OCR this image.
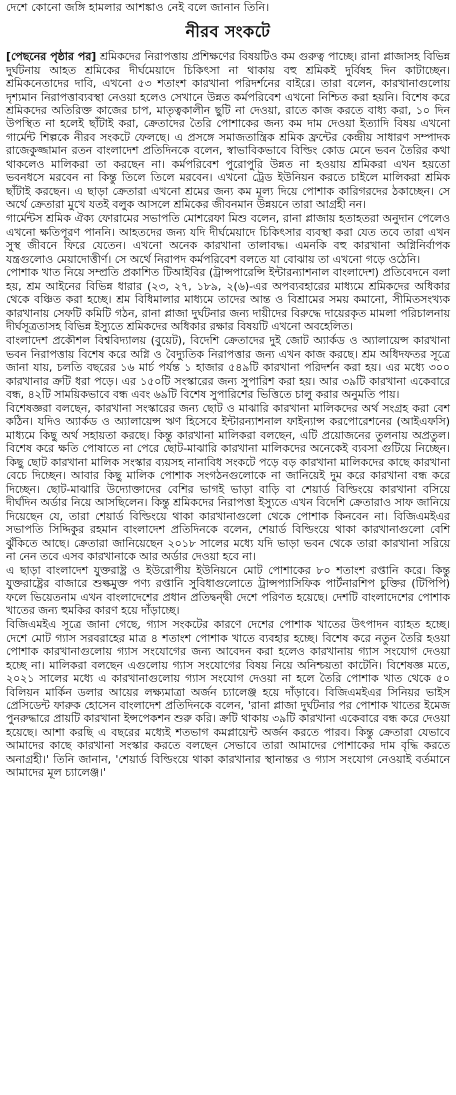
দেশে কোনো জঙ্গি হামলার আশঙ্কাও নেই বলে জানান তিনি।

নীরব সংকটে

[পেছনের পৃষ্ঠার পর] শ্রমিকদের নিরাপত্তায় প্রশিক্ষণের বিষয়টিও কম গুরুত্ব পাচ্ছে। রানা প্লাজাসহ বিভিন্ন দুর্ঘটনায় আহত শ্রমিকের দীর্ঘমেয়াদে চিকিৎসা না থাকায় বহু শ্রমিকই দুর্বিষহ দিন কাটাচ্ছেন। শ্রমিকনেতাদের দাবি, এখনো ৫৩ শতাংশ কারখানা পরিদর্শনের বাইরে। তারা বলেন, কারখানাগুলোয় দৃশ্যমান নিরাপত্তাব্যবস্থা নেওয়া হলেও সেখানে উন্নত কর্মপরিবেশ এখনো নিশ্চিত করা হয়নি। বিশেষ করে শ্রমিকদের অতিরিক্ত কাজের চাপ, মাতৃত্বকালীন ছুটি না দেওয়া, রাতে কাজ করতে বাধ্য করা, ১০ দিন উপস্থিত না হলেই ছাঁটাই করা, ক্রেতাদের তৈরি পোশাকের জন্য কম দাম দেওয়া ইত্যাদি বিষয় এখনো গার্মেন্ট শিল্পকে নীরব সংকটে ফেলছে। এ প্রসঙ্গে সমাজতান্ত্রিক শ্রমিক ফ্রন্টের কেন্দ্রীয় সাধারণ সম্পাদক রাজেকুজ্জামান রতন বাংলাদেশ প্রতিদিনকে বলেন, স্বাভাবিকভাবে বিল্ডিং কোড মেনে ভবন তৈরির কথা থাকলেও মালিকরা তা করছেন না। কর্মপরিবেশ পুরোপুরি উন্নত না হওয়ায় শ্রমিকরা এখন হয়তো ভবনধসে মরবেন না কিন্তু তিলে তিলে মরবেন। এখনো ট্রেড ইউনিয়ন করতে চাইলে মালিকরা শ্রমিক ছাঁটাই করছেন। এ ছাড়া ক্রেতারা এখনো শ্রমের জন্য কম মূল্য দিয়ে পোশাক কারিগরদের ঠকাচ্ছেন। সে অর্থে ক্রেতারা মুখে যতই বলুক আসলে শ্রমিকের জীবনমান উন্নয়নে তারা আগ্রহী নন।

গার্মেন্টস শ্রমিক ঐক্য ফোরামের সভাপতি মোশরেফা মিশু বলেন, রানা প্লাজায় হতাহতরা অনুদান পেলেও এখনো ক্ষতিপূরণ পাননি। আহতদের জন্য যদি দীর্ঘমেয়াদে চিকিৎসার ব্যবস্থা করা যেত তবে তারা এখন সুস্থ জীবনে ফিরে যেতেন। এখনো অনেক কারখানা তালাবদ্ধ। এমনকি বহু কারখানা অগ্নিনির্বাপক যন্ত্রগুলোও মেয়াদোত্তীর্ণ। সে অর্থে নিরাপদ কর্মপরিবেশ বলতে যা বোঝায় তা এখনো গড়ে ওঠেনি।

পোশাক খাত নিয়ে সম্প্রতি প্রকাশিত টিআইবির (ট্রান্সপারেন্সি ইন্টারন্যাশনাল বাংলাদেশ) প্রতিবেদনে বলা হয়, শ্রম আইনের বিভিন্ন ধারার (২৩, ২৭, ১৮৯, ২(৬)-এর অপব্যবহারের মাধ্যমে শ্রমিকদের অধিকার থেকে বঞ্চিত করা হচ্ছে। শ্রম বিধিমালার মাধ্যমে তাদের আন্ত ও বিশ্রামের সময় কমানো, সীমিতসংখ্যক কারখানায় সেফটি কমিটি গঠন, রানা প্লাজা দুর্ঘটনার জন্য দায়ীদের বিরুদ্ধে দায়েরকৃত মামলা পরিচালনায় দীর্ঘসূত্রতাসহ বিভিন্ন ইস্যুতে শ্রমিকদের অধিকার রক্ষার বিষয়টি এখনো অবহেলিত।

বাংলাদেশ প্রকৌশল বিশ্ববিদ্যালয় (বুয়েট), বিদেশি ক্রেতাদের দুই জোট অ্যার্কড ও অ্যালায়েন্স কারখানা ভবন নিরাপত্তায় বিশেষ করে অগ্নি ও বৈদ্যুতিক নিরাপত্তার জন্য এখন কাজ করছে। শ্রম অধিদফতর সূত্রে জানা যায়, চলতি বছরের ১৬ মার্চ পর্যন্ত ১ হাজার ৫৪৯টি কারখানা পরিদর্শন করা হয়। এর মধ্যে ৩০০ কারখানার ক্রটি ধরা পড়ে। এর ১৫০টি সংস্কারের জন্য সুপারিশ করা হয়। আর ৩৯টি কারখানা একেবারে বন্ধ, ৪২টি সাময়িকভাবে বন্ধ এবং ৬৯টি বিশেষ সুপারিশের ভিত্তিতে চালু করার অনুমতি পায়।

বিশেষজ্ঞরা বলছেন, কারখানা সংস্কারের জন্য ছোট ও মাঝারি কারখানা মালিকদের অর্থ সংগ্রহ করা বেশ কঠিন। যদিও অ্যার্কড ও অ্যালায়েন্স ঋণ হিসেবে ইন্টারন্যাশনাল ফাইন্যান্স করপোরেশনের (আইএফসি) মাধ্যমে কিছু অর্থ সহায়তা করছে। কিন্তু কারখানা মালিকরা বলছেন, এটি প্রয়োজনের তুলনায় অপ্রতুল। বিশেষ করে ক্ষতি পোষাতে না পেরে ছোট-মাঝারি কারখানা মালিকদের অনেকেই ব্যবসা গুটিয়ে নিচ্ছেন। কিছু ছোট কারখানা মালিক সংস্কার ব্যয়সহ নানাবিধ সংকটে পড়ে বড় কারখানা মালিকদের কাছে কারখানা বেচে দিচ্ছেন। আবার কিছু মালিক পোশাক সংগঠনগুলোকে না জানিয়েই দুম করে কারখানা বন্ধ করে দিচ্ছেন। ছোট-মাঝারি উদ্যোক্তাদের বেশির ভাগই ভাড়া বাড়ি বা শেয়ার্ড বিল্ডিংয়ে কারখানা বসিয়ে দীর্ঘদিন অর্ডার নিয়ে আসছিলেন। কিন্তু শ্রমিকদের নিরাপত্তা ইস্যুতে এখন বিদেশি ক্রেতারাও সাফ জানিয়ে দিয়েছেন যে, তারা শেয়ার্ড বিল্ডিংয়ে থাকা কারখানাগুলো থেকে পোশাক কিনবেন না। বিজিএমইএর সভাপতি সিদ্দিকুর রহমান বাংলাদেশ প্রতিদিনকে বলেন, শেয়ার্ড বিল্ডিংয়ে থাকা কারখানাগুলো বেশি ঝুঁকিতে আছে। ক্রেতারা জানিয়েছেন ২০১৮ সালের মধ্যে যদি ভাড়া ভবন থেকে তারা কারখানা সরিয়ে না নেন তবে এসব কারখানাকে আর অর্ডার দেওয়া হবে না।

এ ছাড়া বাংলাদেশ যুক্তরাষ্ট্র ও ইউরোপীয় ইউনিয়নে মোট পোশাকের ৮০ শতাংশ রপ্তানি করে। কিন্তু যুক্তরাষ্ট্রের বাজারে শুল্কমুক্ত পণ্য রপ্তানি সুবিধাগুলোতে ট্রান্সপ্যাসিফিক পার্টনারশিপ চুক্তির (টিপিপি) ফলে ভিয়েতনাম এখন বাংলাদেশের প্রধান প্রতিদ্বন্দ্বী দেশে পরিণত হয়েছে। দেশটি বাংলাদেশের পোশাক খাতের জন্য হুমকির কারণ হয়ে দাঁড়াচ্ছে।

বিজিএমইএ সূত্রে জানা গেছে, গ্যাস সংকটের কারণে দেশের পোশাক খাতের উৎপাদন ব্যাহত হচ্ছে। দেশে মোট গ্যাস সরবরাহের মাত্র ৪ শতাংশ পোশাক খাতে ব্যবহার হচ্ছে। বিশেষ করে নতুন তৈরি হওয়া পোশাক কারখানাগুলোয় গ্যাস সংযোগের জন্য আবেদন করা হলেও কারখানায় গ্যাস সংযোগ দেওয়া হচ্ছে না। মালিকরা বলছেন এগুলোয় গ্যাস সংযোগের বিষয় নিয়ে অনিশ্চয়তা কাটেনি। বিশেষজ্ঞ মতে, ২০২১ সালের মধ্যে এ কারখানাগুলোয় গ্যাস সংযোগ দেওয়া না হলে তৈরি পোশাক খাত থেকে ৫০ বিলিয়ন মার্কিন ডলার আয়ের লক্ষ্যমাত্রা অর্জন চ্যালেঞ্জ হয়ে দাঁড়াবে। বিজিএমইএর সিনিয়র ভাইস প্রেসিডেন্ট ফারুক হোসেন বাংলাদেশ প্রতিদিনকে বলেন, 'রানা প্লাজা দুর্ঘটনার পর পোশাক খাতের ইমেজ পুনরুদ্ধারে প্রায়টি কারখানা ইন্সপেকশন শুরু করি। ক্রটি থাকায় ৩৯টি কারখানা একেবারে বন্ধ করে দেওয়া হয়েছে। আশা করছি এ বছরের মধ্যেই শতভাগ কমপ্লায়েন্ট অর্জন করতে পারব। কিন্তু ক্রেতারা যেভাবে আমাদের কাছে কারখানা সংস্কার করতে বলছেন সেভাবে তারা আমাদের পোশাকের দাম বৃদ্ধি করতে অনাগ্রহী।' তিনি জানান, 'শেয়ার্ড বিল্ডিংয়ে থাকা কারখানার স্থানান্তর ও গ্যাস সংযোগ নেওয়াই বর্তমানে আমাদের মূল চ্যালেঞ্জ।'
